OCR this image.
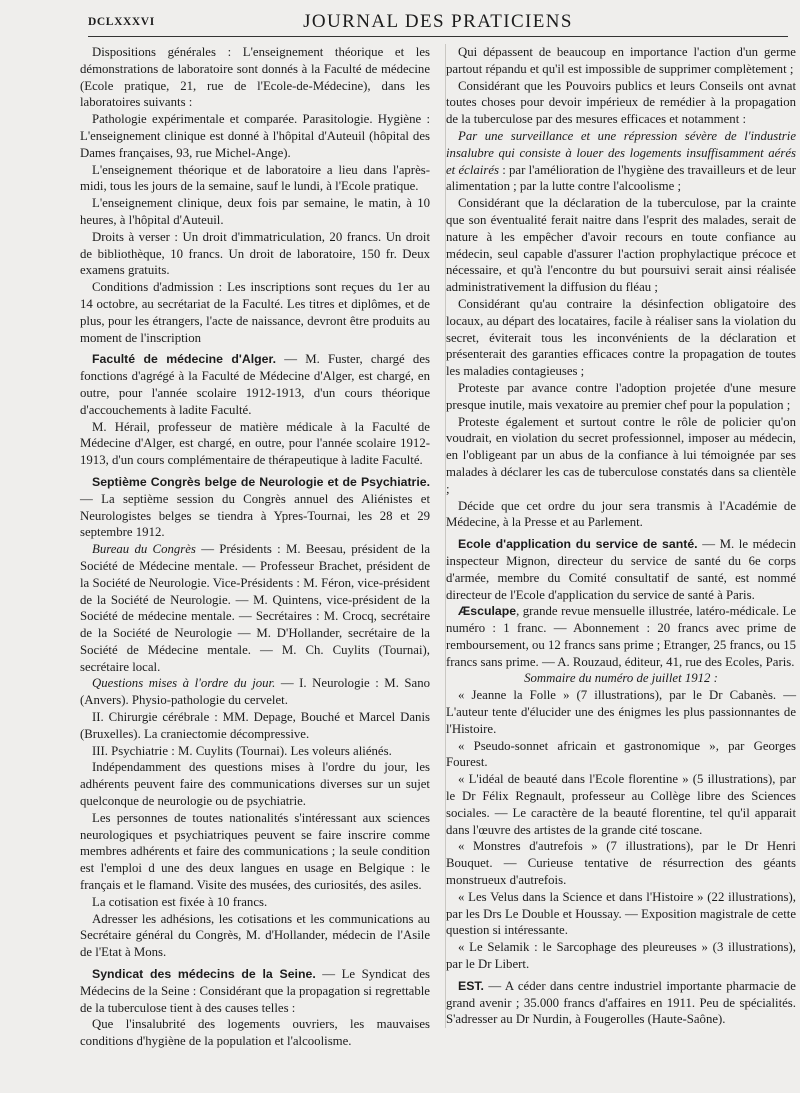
DCLXXXVI	JOURNAL DES PRATICIENS

Dispositions générales : L'enseignement théorique et les démonstrations de laboratoire sont donnés à la Faculté de médecine (Ecole pratique, 21, rue de l'Ecole-de-Médecine), dans les laboratoires suivants :

Pathologie expérimentale et comparée. Parasitologie. Hygiène : L'enseignement clinique est donné à l'hôpital d'Auteuil (hôpital des Dames françaises, 93, rue Michel-Ange).

L'enseignement théorique et de laboratoire a lieu dans l'après-midi, tous les jours de la semaine, sauf le lundi, à l'Ecole pratique.

L'enseignement clinique, deux fois par semaine, le matin, à 10 heures, à l'hôpital d'Auteuil.

Droits à verser : Un droit d'immatriculation, 20 francs. Un droit de bibliothèque, 10 francs. Un droit de laboratoire, 150 fr. Deux examens gratuits.

Conditions d'admission : Les inscriptions sont reçues du 1er au 14 octobre, au secrétariat de la Faculté. Les titres et diplômes, et de plus, pour les étrangers, l'acte de naissance, devront être produits au moment de l'inscription

Faculté de médecine d'Alger. — M. Fuster, chargé des fonctions d'agrégé à la Faculté de Médecine d'Alger, est chargé, en outre, pour l'année scolaire 1912-1913, d'un cours théorique d'accouchements à ladite Faculté.

M. Hérail, professeur de matière médicale à la Faculté de Médecine d'Alger, est chargé, en outre, pour l'année scolaire 1912-1913, d'un cours complémentaire de thérapeutique à ladite Faculté.

Septième Congrès belge de Neurologie et de Psychiatrie. — La septième session du Congrès annuel des Aliénistes et Neurologistes belges se tiendra à Ypres-Tournai, les 28 et 29 septembre 1912.

Bureau du Congrès — Présidents : M. Beesau, président de la Société de Médecine mentale. — Professeur Brachet, président de la Société de Neurologie. Vice-Présidents : M. Féron, vice-président de la Société de Neurologie. — M. Quintens, vice-président de la Société de médecine mentale. — Secrétaires : M. Crocq, secrétaire de la Société de Neurologie — M. D'Hollander, secrétaire de la Société de Médecine mentale. — M. Ch. Cuylits (Tournai), secrétaire local.

Questions mises à l'ordre du jour. — I. Neurologie : M. Sano (Anvers). Physio-pathologie du cervelet.

II. Chirurgie cérébrale : MM. Depage, Bouché et Marcel Danis (Bruxelles). La craniectomie décompressive.

III. Psychiatrie : M. Cuylits (Tournai). Les voleurs aliénés.

Indépendamment des questions mises à l'ordre du jour, les adhérents peuvent faire des communications diverses sur un sujet quelconque de neurologie ou de psychiatrie.

Les personnes de toutes nationalités s'intéressant aux sciences neurologiques et psychiatriques peuvent se faire inscrire comme membres adhérents et faire des communications ; la seule condition est l'emploi d une des deux langues en usage en Belgique : le français et le flamand. Visite des musées, des curiosités, des asiles.

La cotisation est fixée à 10 francs.

Adresser les adhésions, les cotisations et les communications au Secrétaire général du Congrès, M. d'Hollander, médecin de l'Asile de l'Etat à Mons.

Syndicat des médecins de la Seine. — Le Syndicat des Médecins de la Seine : Considérant que la propagation si regrettable de la tuberculose tient à des causes telles :

Que l'insalubrité des logements ouvriers, les mauvaises conditions d'hygiène de la population et l'alcoolisme.

Qui dépassent de beaucoup en importance l'action d'un germe partout répandu et qu'il est impossible de supprimer complètement ;

Considérant que les Pouvoirs publics et leurs Conseils ont avnat toutes choses pour devoir impérieux de remédier à la propagation de la tuberculose par des mesures efficaces et notamment :

Par une surveillance et une répression sévère de l'industrie insalubre qui consiste à louer des logements insuffisamment aérés et éclairés : par l'amélioration de l'hygiène des travailleurs et de leur alimentation ; par la lutte contre l'alcoolisme ;

Considérant que la déclaration de la tuberculose, par la crainte que son éventualité ferait naitre dans l'esprit des malades, serait de nature à les empêcher d'avoir recours en toute confiance au médecin, seul capable d'assurer l'action prophylactique précoce et nécessaire, et qu'à l'encontre du but poursuivi serait ainsi réalisée administrativement la diffusion du fléau ;

Considérant qu'au contraire la désinfection obligatoire des locaux, au départ des locataires, facile à réaliser sans la violation du secret, éviterait tous les inconvénients de la déclaration et présenterait des garanties efficaces contre la propagation de toutes les maladies contagieuses ;

Proteste par avance contre l'adoption projetée d'une mesure presque inutile, mais vexatoire au premier chef pour la population ;

Proteste également et surtout contre le rôle de policier qu'on voudrait, en violation du secret professionnel, imposer au médecin, en l'obligeant par un abus de la confiance à lui témoignée par ses malades à déclarer les cas de tuberculose constatés dans sa clientèle ;

Décide que cet ordre du jour sera transmis à l'Académie de Médecine, à la Presse et au Parlement.

Ecole d'application du service de santé. — M. le médecin inspecteur Mignon, directeur du service de santé du 6e corps d'armée, membre du Comité consultatif de santé, est nommé directeur de l'Ecole d'application du service de santé à Paris.

Æsculape, grande revue mensuelle illustrée, latéro-médicale. Le numéro : 1 franc. — Abonnement : 20 francs avec prime de remboursement, ou 12 francs sans prime ; Etranger, 25 francs, ou 15 francs sans prime. — A. Rouzaud, éditeur, 41, rue des Ecoles, Paris.

Sommaire du numéro de juillet 1912 :

« Jeanne la Folle » (7 illustrations), par le Dr Cabanès. — L'auteur tente d'élucider une des énigmes les plus passionnantes de l'Histoire.

« Pseudo-sonnet africain et gastronomique », par Georges Fourest.

« L'idéal de beauté dans l'Ecole florentine » (5 illustrations), par le Dr Félix Regnault, professeur au Collège libre des Sciences sociales. — Le caractère de la beauté florentine, tel qu'il apparait dans l'œuvre des artistes de la grande cité toscane.

« Monstres d'autrefois » (7 illustrations), par le Dr Henri Bouquet. — Curieuse tentative de résurrection des géants monstrueux d'autrefois.

« Les Velus dans la Science et dans l'Histoire » (22 illustrations), par les Drs Le Double et Houssay. — Exposition magistrale de cette question si intéressante.

« Le Selamik : le Sarcophage des pleureuses » (3 illustrations), par le Dr Libert.

EST. — A céder dans centre industriel importante pharmacie de grand avenir ; 35.000 francs d'affaires en 1911. Peu de spécialités. S'adresser au Dr Nurdin, à Fougerolles (Haute-Saône).
